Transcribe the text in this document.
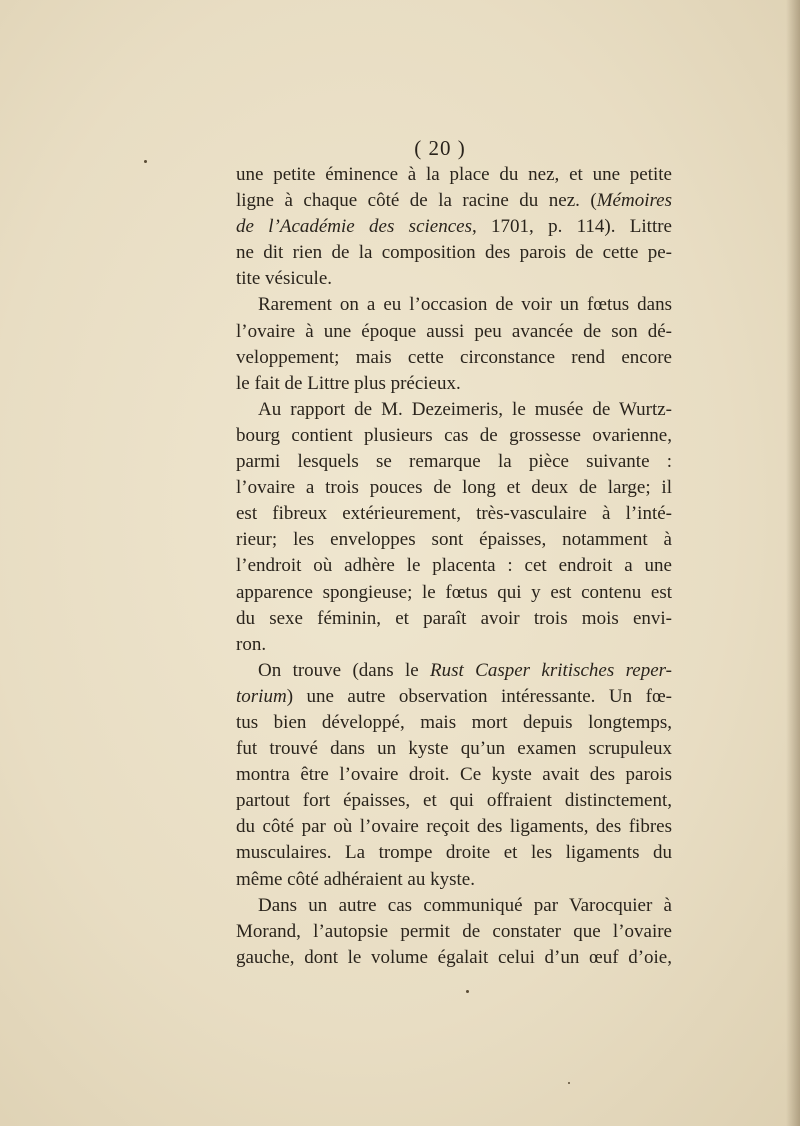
( 20 )
une petite éminence à la place du nez, et une petite
ligne à chaque côté de la racine du nez. (Mémoires
de l’Académie des sciences, 1701, p. 114). Littre
ne dit rien de la composition des parois de cette pe-
tite vésicule.
Rarement on a eu l’occasion de voir un fœtus dans
l’ovaire à une époque aussi peu avancée de son dé-
veloppement; mais cette circonstance rend encore
le fait de Littre plus précieux.
Au rapport de M. Dezeimeris, le musée de Wurtz-
bourg contient plusieurs cas de grossesse ovarienne,
parmi lesquels se remarque la pièce suivante :
l’ovaire a trois pouces de long et deux de large; il
est fibreux extérieurement, très-vasculaire à l’inté-
rieur; les enveloppes sont épaisses, notamment à
l’endroit où adhère le placenta : cet endroit a une
apparence spongieuse; le fœtus qui y est contenu est
du sexe féminin, et paraît avoir trois mois envi-
ron.
On trouve (dans le Rust Casper kritisches reper-
torium) une autre observation intéressante. Un fœ-
tus bien développé, mais mort depuis longtemps,
fut trouvé dans un kyste qu’un examen scrupuleux
montra être l’ovaire droit. Ce kyste avait des parois
partout fort épaisses, et qui offraient distinctement,
du côté par où l’ovaire reçoit des ligaments, des fibres
musculaires. La trompe droite et les ligaments du
même côté adhéraient au kyste.
Dans un autre cas communiqué par Varocquier à
Morand, l’autopsie permit de constater que l’ovaire
gauche, dont le volume égalait celui d’un œuf d’oie,
